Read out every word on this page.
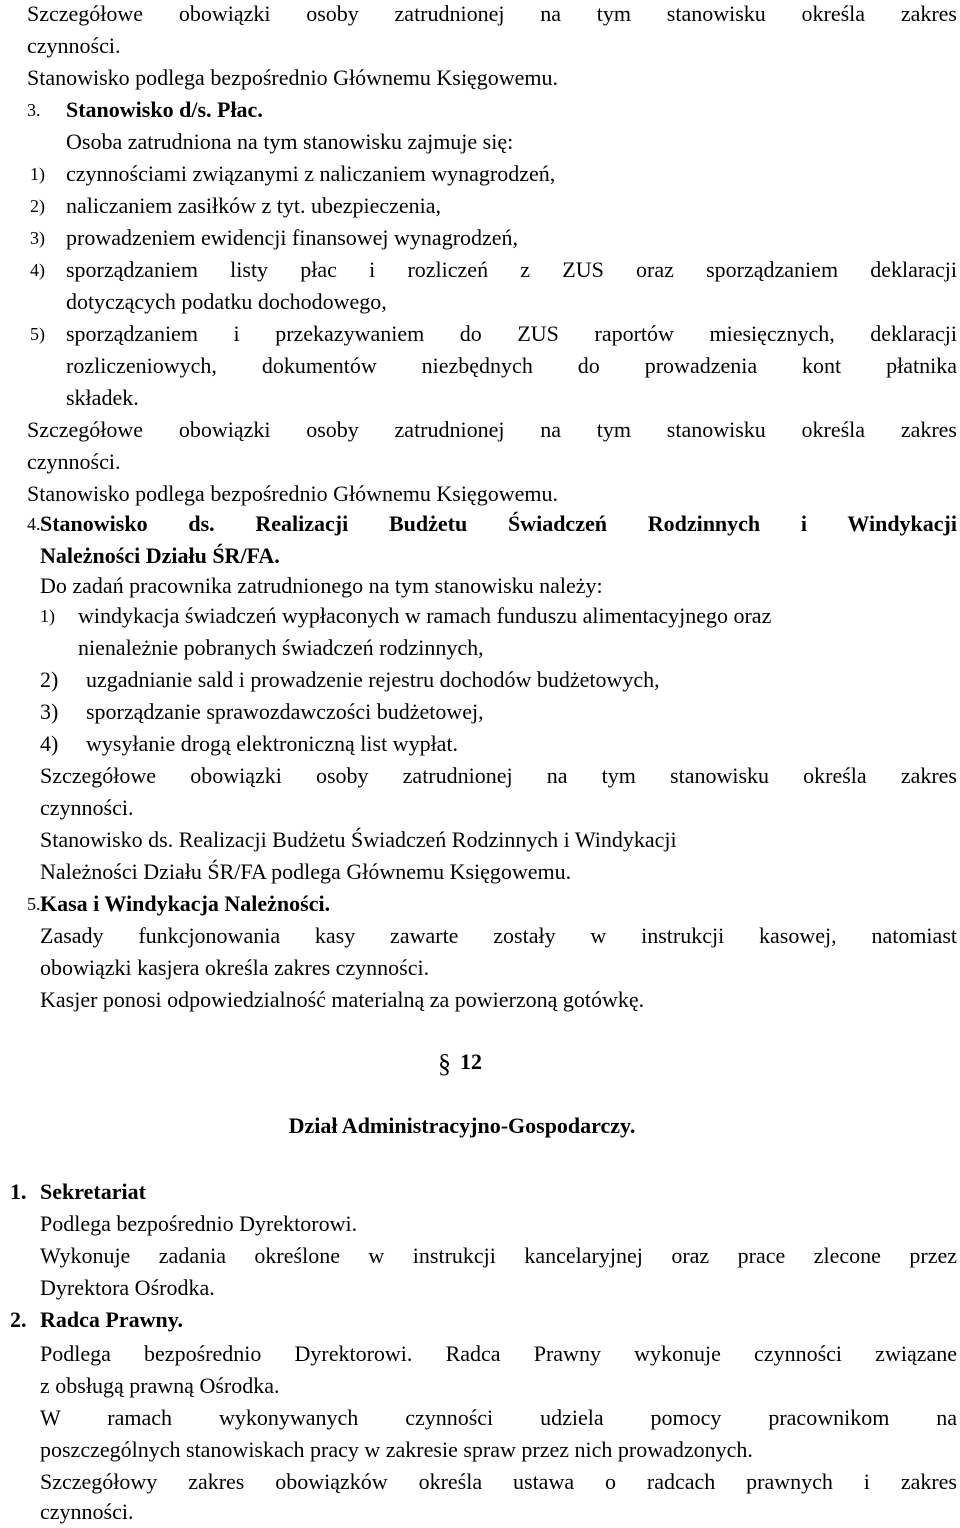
Szczegółowe obowiązki osoby zatrudnionej na tym stanowisku określa zakres

czynności.

Stanowisko podlega bezpośrednio Głównemu Księgowemu.

3. Stanowisko d/s. Płac.

Osoba zatrudniona na tym stanowisku zajmuje się:

1) czynnościami związanymi z naliczaniem wynagrodzeń,

2) naliczaniem zasiłków z tyt. ubezpieczenia,

3) prowadzeniem ewidencji finansowej wynagrodzeń,

4) sporządzaniem listy płac i rozliczeń z ZUS oraz sporządzaniem deklaracji

dotyczących podatku dochodowego,

5) sporządzaniem i przekazywaniem do ZUS raportów miesięcznych, deklaracji

rozliczeniowych, dokumentów niezbędnych do prowadzenia kont płatnika

składek.

Szczegółowe obowiązki osoby zatrudnionej na tym stanowisku określa zakres

czynności.

Stanowisko podlega bezpośrednio Głównemu Księgowemu.

4. Stanowisko ds. Realizacji Budżetu Świadczeń Rodzinnych i Windykacji

Należności Działu ŚR/FA.

Do zadań pracownika zatrudnionego na tym stanowisku należy:

1) windykacja świadczeń wypłaconych w ramach funduszu alimentacyjnego oraz

nienależnie pobranych świadczeń rodzinnych,

2) uzgadnianie sald i prowadzenie rejestru dochodów budżetowych,

3) sporządzanie sprawozdawczości budżetowej,

4) wysyłanie drogą elektroniczną list wypłat.

Szczegółowe obowiązki osoby zatrudnionej na tym stanowisku określa zakres

czynności.

Stanowisko ds. Realizacji Budżetu Świadczeń Rodzinnych i Windykacji

Należności Działu ŚR/FA podlega Głównemu Księgowemu.

5. Kasa i Windykacja Należności.

Zasady funkcjonowania kasy zawarte zostały w instrukcji kasowej, natomiast

obowiązki kasjera określa zakres czynności.

Kasjer ponosi odpowiedzialność materialną za powierzoną gotówkę.

§ 12

Dział Administracyjno-Gospodarczy.

1. Sekretariat

Podlega bezpośrednio Dyrektorowi.

Wykonuje zadania określone w instrukcji kancelaryjnej oraz prace zlecone przez

Dyrektora Ośrodka.

2. Radca Prawny.

Podlega bezpośrednio Dyrektorowi. Radca Prawny wykonuje czynności związane

z obsługą prawną Ośrodka.

W ramach wykonywanych czynności udziela pomocy pracownikom na

poszczególnych stanowiskach pracy w zakresie spraw przez nich prowadzonych.

Szczegółowy zakres obowiązków określa ustawa o radcach prawnych i zakres

czynności.
